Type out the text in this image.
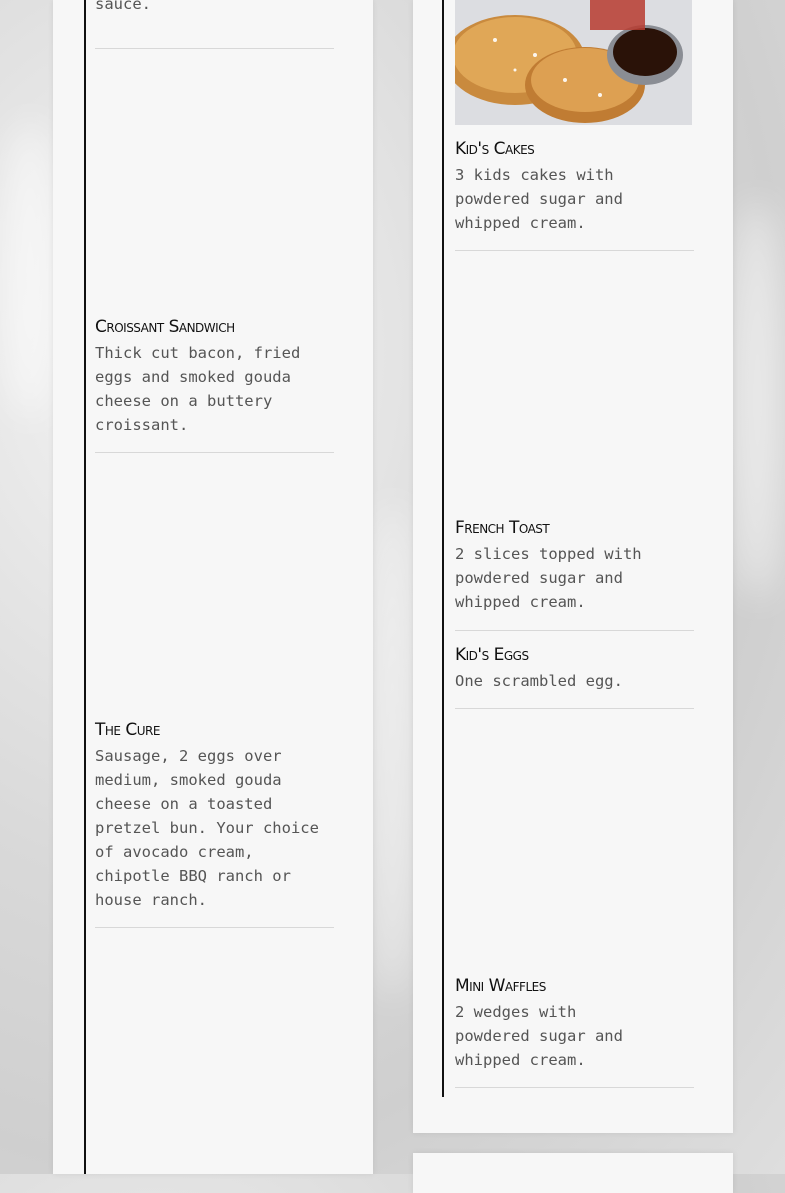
sauce.

Croissant Sandwich

Thick cut bacon, fried eggs and smoked gouda cheese on a buttery croissant.

The Cure

Sausage, 2 eggs over medium, smoked gouda cheese on a toasted pretzel bun. Your choice of avocado cream, chipotle BBQ ranch or house ranch.

Kid's Cakes

3 kids cakes with powdered sugar and whipped cream.

French Toast

2 slices topped with powdered sugar and whipped cream.

Kid's Eggs

One scrambled egg.

Mini Waffles

2 wedges with powdered sugar and whipped cream.
